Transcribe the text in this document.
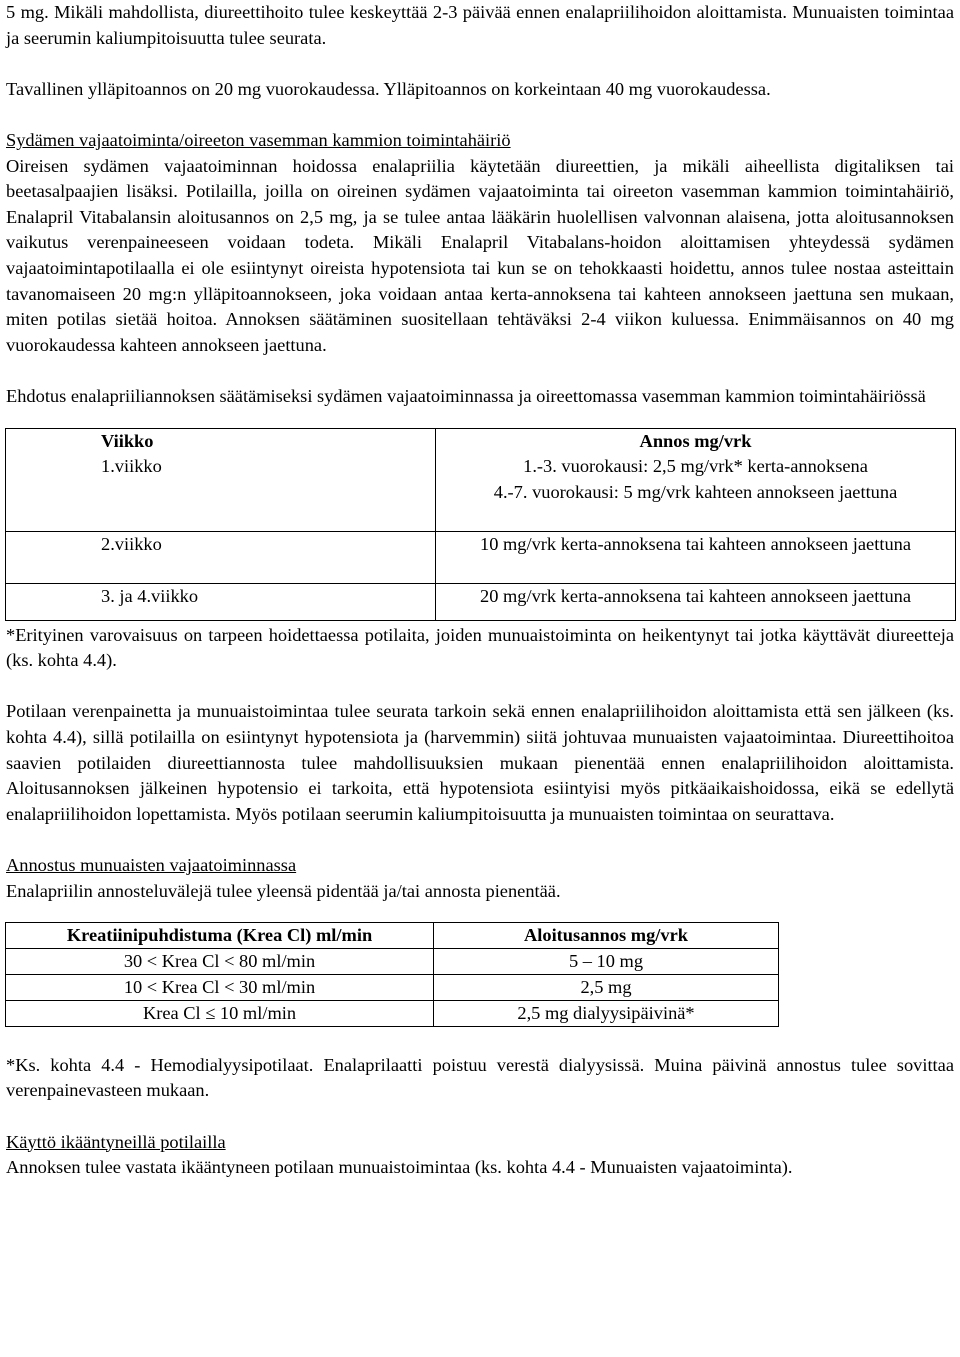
5 mg. Mikäli mahdollista, diureettihoito tulee keskeyttää 2-3 päivää ennen enalapriilihoidon aloittamista. Munuaisten toimintaa ja seerumin kaliumpitoisuutta tulee seurata.

Tavallinen ylläpitoannos on 20 mg vuorokaudessa. Ylläpitoannos on korkeintaan 40 mg vuorokaudessa.

Sydämen vajaatoiminta/oireeton vasemman kammion toimintahäiriö

Oireisen sydämen vajaatoiminnan hoidossa enalapriilia käytetään diureettien, ja mikäli aiheellista digitaliksen tai beetasalpaajien lisäksi. Potilailla, joilla on oireinen sydämen vajaatoiminta tai oireeton vasemman kammion toimintahäiriö, Enalapril Vitabalansin aloitusannos on 2,5 mg, ja se tulee antaa lääkärin huolellisen valvonnan alaisena, jotta aloitusannoksen vaikutus verenpaineeseen voidaan todeta. Mikäli Enalapril Vitabalans-hoidon aloittamisen yhteydessä sydämen vajaatoimintapotilaalla ei ole esiintynyt oireista hypotensiota tai kun se on tehokkaasti hoidettu, annos tulee nostaa asteittain tavanomaiseen 20 mg:n ylläpitoannokseen, joka voidaan antaa kerta-annoksena tai kahteen annokseen jaettuna sen mukaan, miten potilas sietää hoitoa. Annoksen säätäminen suositellaan tehtäväksi 2-4 viikon kuluessa. Enimmäisannos on 40 mg vuorokaudessa kahteen annokseen jaettuna.

Ehdotus enalapriiliannoksen säätämiseksi sydämen vajaatoiminnassa ja oireettomassa vasemman kammion toimintahäiriössä

Viikko	Annos mg/vrk
1.viikko	1.-3. vuorokausi: 2,5 mg/vrk* kerta-annoksena
4.-7. vuorokausi: 5 mg/vrk kahteen annokseen jaettuna

2.viikko	10 mg/vrk kerta-annoksena tai kahteen annokseen jaettuna

3. ja 4.viikko	20 mg/vrk kerta-annoksena tai kahteen annokseen jaettuna

*Erityinen varovaisuus on tarpeen hoidettaessa potilaita, joiden munuaistoiminta on heikentynyt tai jotka käyttävät diureetteja (ks. kohta 4.4).

Potilaan verenpainetta ja munuaistoimintaa tulee seurata tarkoin sekä ennen enalapriilihoidon aloittamista että sen jälkeen (ks. kohta 4.4), sillä potilailla on esiintynyt hypotensiota ja (harvemmin) siitä johtuvaa munuaisten vajaatoimintaa. Diureettihoitoa saavien potilaiden diureettiannosta tulee mahdollisuuksien mukaan pienentää ennen enalapriilihoidon aloittamista. Aloitusannoksen jälkeinen hypotensio ei tarkoita, että hypotensiota esiintyisi myös pitkäaikaishoidossa, eikä se edellytä enalapriilihoidon lopettamista. Myös potilaan seerumin kaliumpitoisuutta ja munuaisten toimintaa on seurattava.

Annostus munuaisten vajaatoiminnassa

Enalapriilin annosteluvälejä tulee yleensä pidentää ja/tai annosta pienentää.

Kreatiinipuhdistuma (Krea Cl) ml/min	Aloitusannos mg/vrk
30 < Krea Cl < 80 ml/min	5 – 10 mg
10 < Krea Cl < 30 ml/min	2,5 mg
Krea Cl ≤ 10 ml/min	2,5 mg dialyysipäivinä*

*Ks. kohta 4.4 - Hemodialyysipotilaat. Enalaprilaatti poistuu verestä dialyysissä. Muina päivinä annostus tulee sovittaa verenpainevasteen mukaan.

Käyttö ikääntyneillä potilailla

Annoksen tulee vastata ikääntyneen potilaan munuaistoimintaa (ks. kohta 4.4 - Munuaisten vajaatoiminta).
